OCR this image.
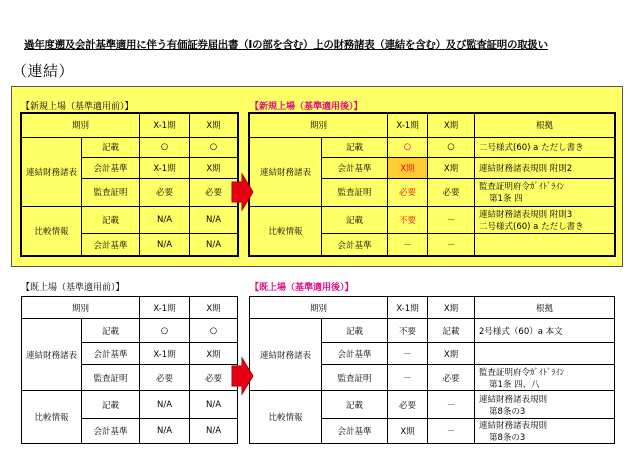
過年度遡及会計基準適用に伴う有価証券届出書（Ⅰの部を含む）上の財務諸表（連結を含む）及び監査証明の取扱い
（連結）
【新規上場（基準適用前）】	【新規上場（基準適用後）】
【既上場（基準適用前）】	【既上場（基準適用後）】
期別		X-1期	X期
連結財務諸表	記載	○	○
	会計基準	X-1期	X期
	監査証明	必要	必要
比較情報	記載	N/A	N/A
	会計基準	N/A	N/A
期別		X-1期	X期	根拠
連結財務諸表	記載	○	○	二号様式(60) a ただし書き
	会計基準	X期	X期	連結財務諸表規則 附則2
	監査証明	必要	必要	監査証明府令ｶﾞｲﾄﾞﾗｲﾝ
第1条 四

比較情報	記載	不要	－	連結財務諸表規則 附則3
二号様式(60) a ただし書き

	会計基準	－	－	
期別		X-1期	X期
連結財務諸表	記載	○	○
	会計基準	X-1期	X期
	監査証明	必要	必要
比較情報	記載	N/A	N/A
	会計基準	N/A	N/A
期別		X-1期	X期	根拠
連結財務諸表	記載	不要	記載	2号様式（60）a 本文
	会計基準	－	X期	
	監査証明	－	必要	監査証明府令ｶﾞｲﾄﾞﾗｲﾝ
第1条 四、八

比較情報	記載	必要	－	連結財務諸表規則
第8条の3

	会計基準	X期	－	連結財務諸表規則
第8条の3
